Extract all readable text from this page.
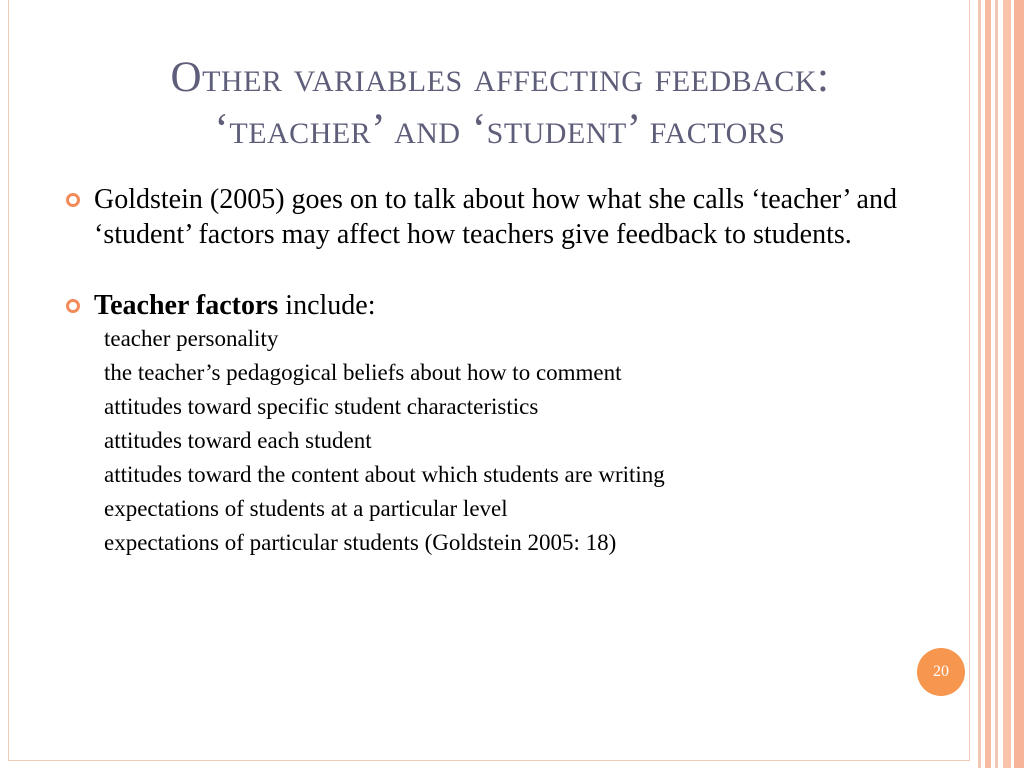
Other variables affecting feedback:
‘teacher’ and ‘student’ factors
Goldstein (2005) goes on to talk about how what she calls ‘teacher’ and ‘student’ factors may affect how teachers give feedback to students.
Teacher factors include:
teacher personality
the teacher’s pedagogical beliefs about how to comment
attitudes toward specific student characteristics
attitudes toward each student
attitudes toward the content about which students are writing
expectations of students at a particular level
expectations of particular students (Goldstein 2005: 18)
20
